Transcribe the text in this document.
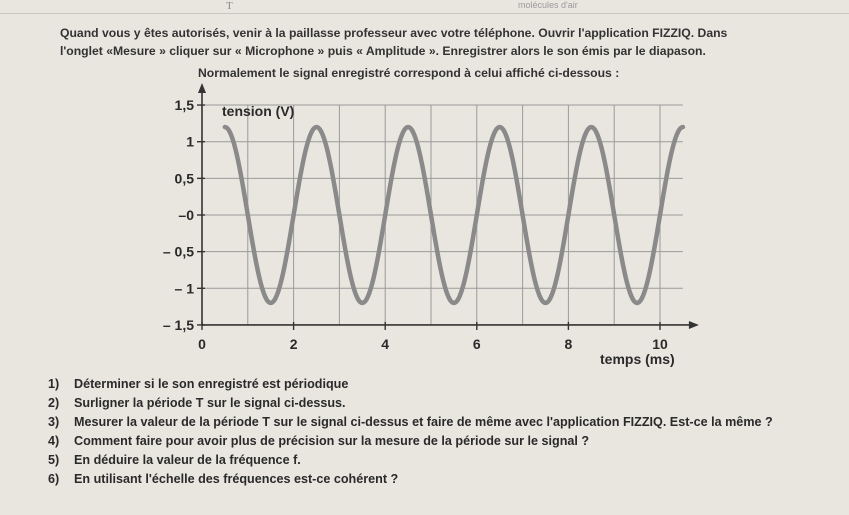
T	molécules d'air

Quand vous y êtes autorisés, venir à la paillasse professeur avec votre téléphone. Ouvrir l'application FIZZIQ. Dans

l'onglet «Mesure » cliquer sur « Microphone » puis « Amplitude ». Enregistrer alors le son émis par le diapason.

Normalement le signal enregistré correspond à celui affiché ci-dessous :
1,5
1
0,5
–0
– 0,5
– 1
– 1,5
0	2	4	6	8	10
tension (V)
temps (ms)
1) Déterminer si le son enregistré est périodique
2) Surligner la période T sur le signal ci-dessus.
3) Mesurer la valeur de la période T sur le signal ci-dessus et faire de même avec l'application FIZZIQ. Est-ce la même ?
4) Comment faire pour avoir plus de précision sur la mesure de la période sur le signal ?
5) En déduire la valeur de la fréquence f.
6) En utilisant l'échelle des fréquences est-ce cohérent ?
